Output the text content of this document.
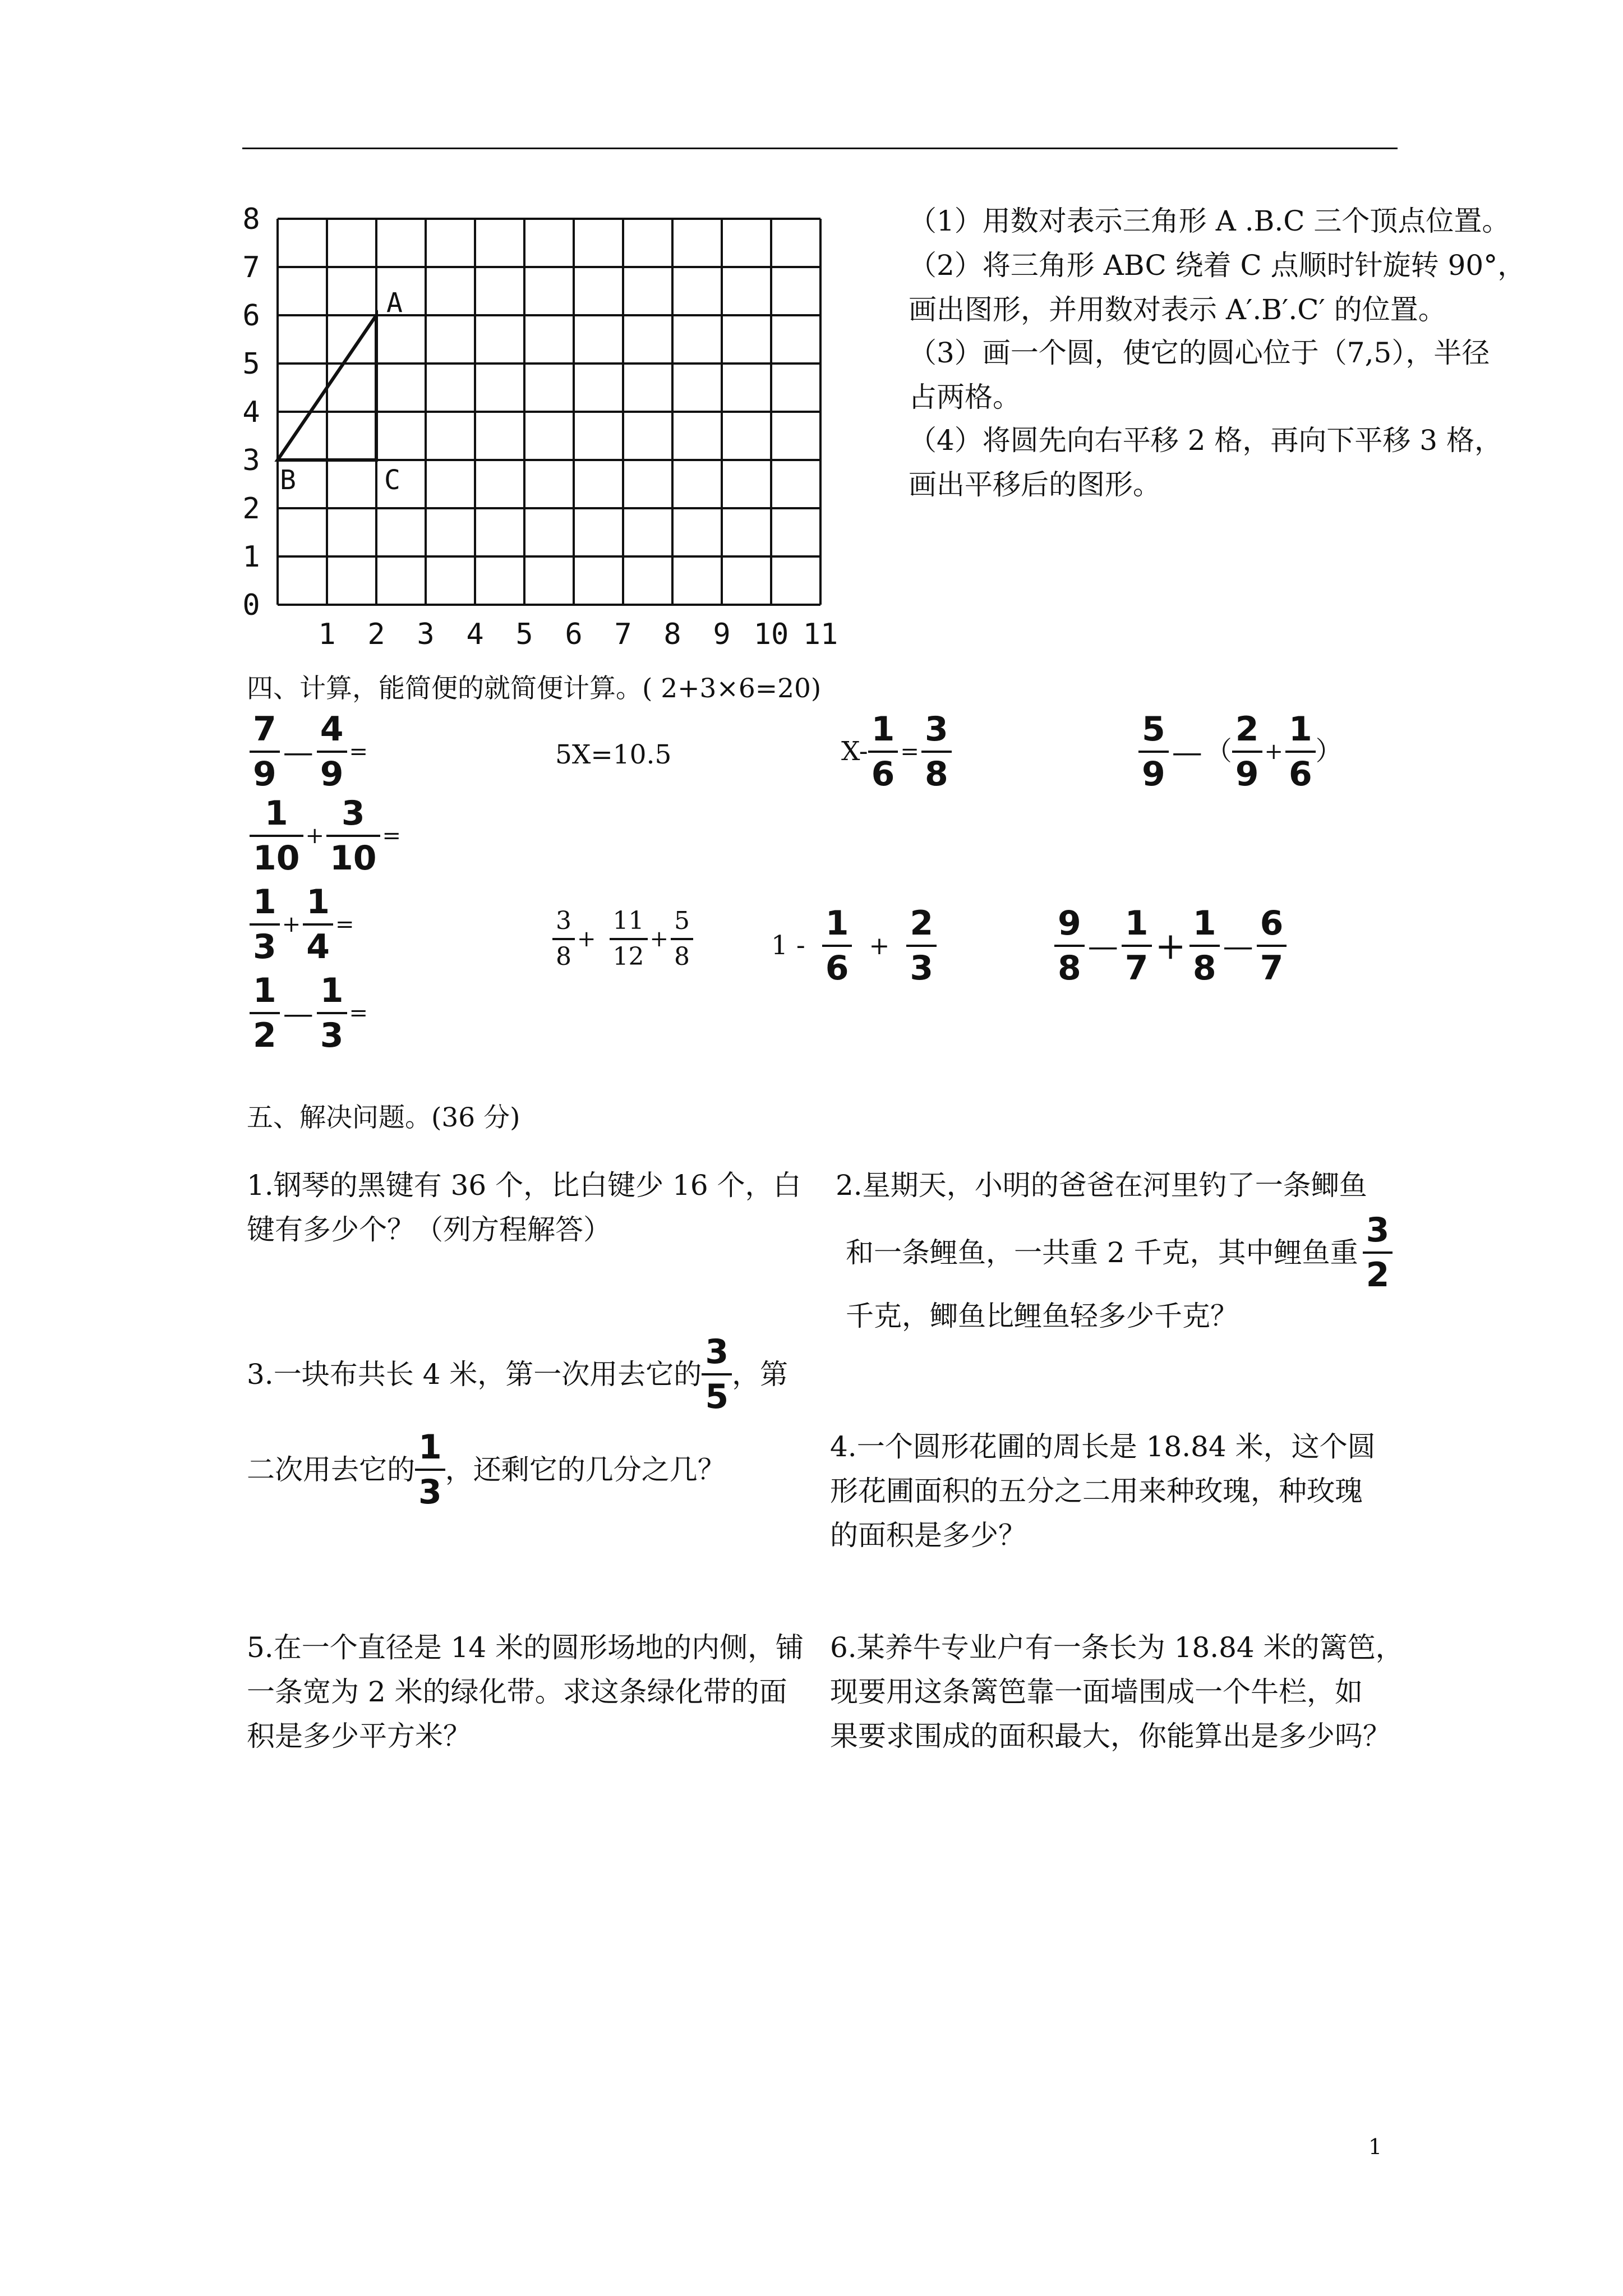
0
1
2
3
4
5
6
7
8
1 2 3 4 5 6 7 8 9 10 11
A
B	C
（1）用数对表示三角形 A .B.C 三个顶点位置。
（2）将三角形 ABC 绕着 C 点顺时针旋转 90°，
画出图形，并用数对表示 A′.B′.C′ 的位置。
（3）画一个圆，使它的圆心位于（7,5），半径
占两格。
（4）将圆先向右平移 2 格，再向下平移 3 格，
画出平移后的图形。
四、计算，能简便的就简便计算。( 2+3×6=20)
$\frac{7}{9}$ — $\frac{4}{9}$ =	5X=10.5	$X- \frac{1}{6} = \frac{3}{8}$	$\frac{5}{9}$ — （ $\frac{2}{9} + \frac{1}{6}$ ）
$\frac{1}{10} + \frac{3}{10}$ =
$\frac{1}{3} + \frac{1}{4}$ =	$\frac{3}{8} + \frac{11}{12} + \frac{5}{8}$	$1 - \frac{1}{6} + \frac{2}{3}$	$\frac{9}{8}$ — $\frac{1}{7} + \frac{1}{8}$ — $\frac{6}{7}$
$\frac{1}{2}$ — $\frac{1}{3}$ =
五、解决问题。(36 分)
1.钢琴的黑键有 36 个，比白键少 16 个，白
键有多少个？（列方程解答）
2.星期天，小明的爸爸在河里钓了一条鲫鱼
和一条鲤鱼，一共重 2 千克，其中鲤鱼重 $\frac{3}{2}$
千克，鲫鱼比鲤鱼轻多少千克？
3.一块布共长 4 米，第一次用去它的 $\frac{3}{5}$ ，第
二次用去它的 $\frac{1}{3}$ ，还剩它的几分之几？
4.一个圆形花圃的周长是 18.84 米，这个圆
形花圃面积的五分之二用来种玫瑰，种玫瑰
的面积是多少？
5.在一个直径是 14 米的圆形场地的内侧，铺
一条宽为 2 米的绿化带。求这条绿化带的面
积是多少平方米？
6.某养牛专业户有一条长为 18.84 米的篱笆，
现要用这条篱笆靠一面墙围成一个牛栏，如
果要求围成的面积最大，你能算出是多少吗？
1
